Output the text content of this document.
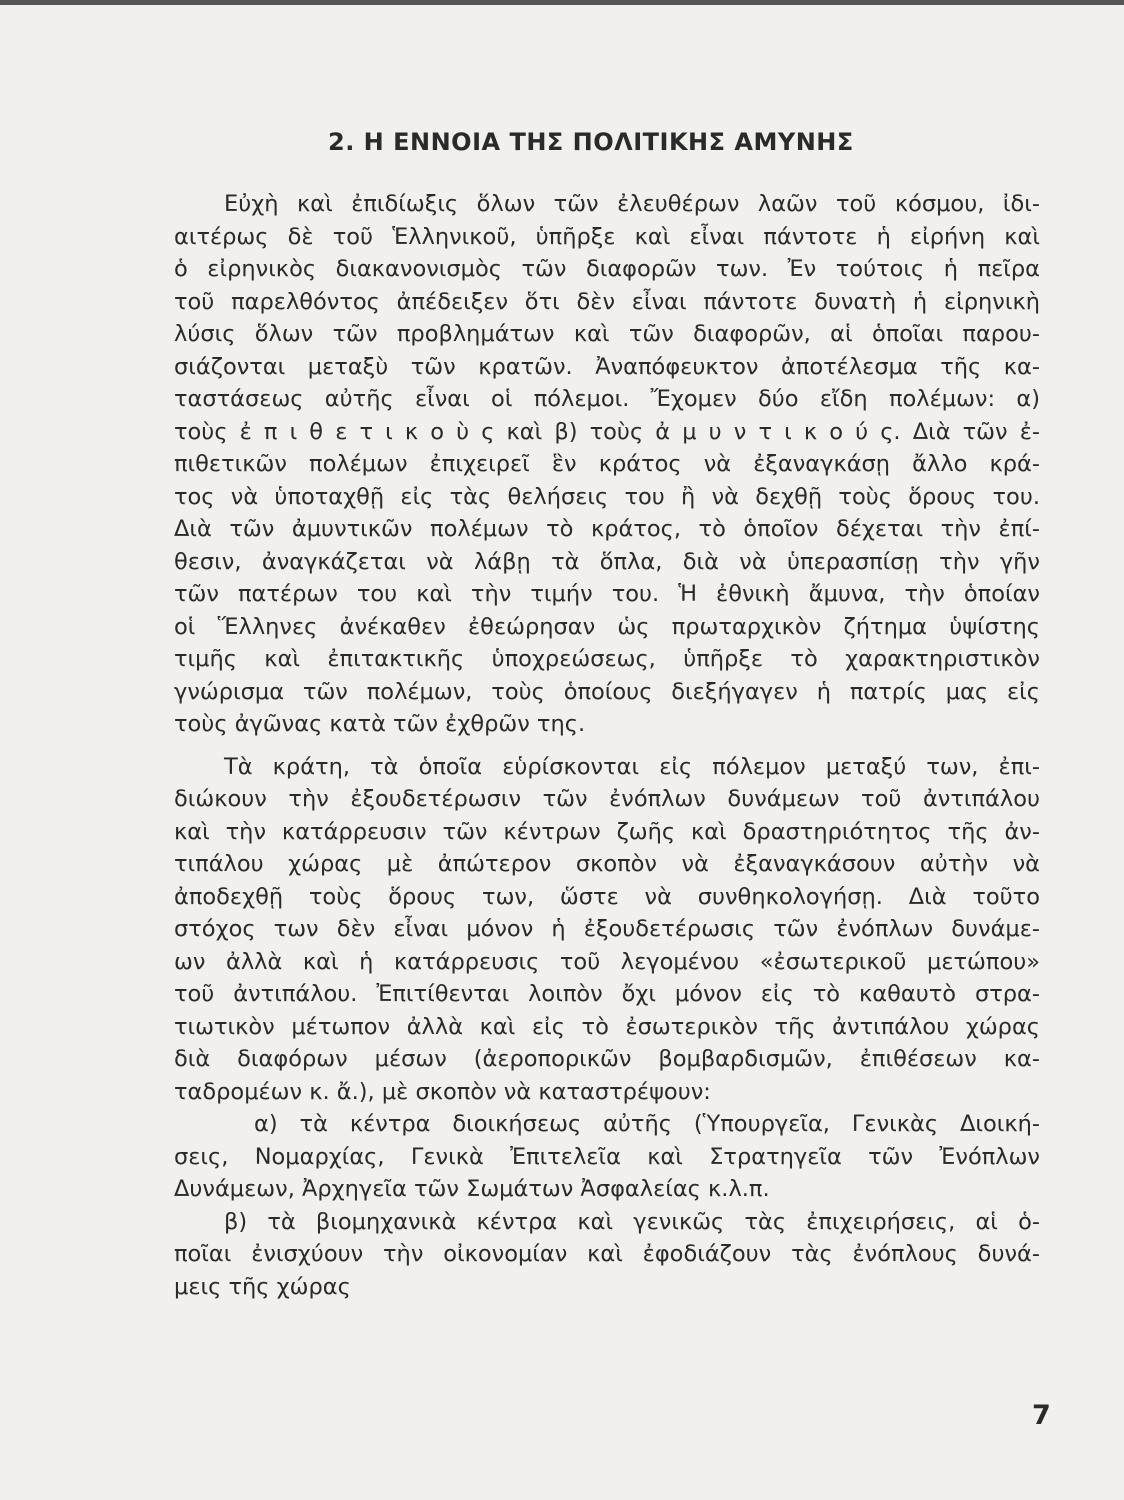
2. Η ΕΝΝΟΙΑ ΤΗΣ ΠΟΛΙΤΙΚΗΣ ΑΜΥΝΗΣ
Εὐχὴ καὶ ἐπιδίωξις ὅλων τῶν ἐλευθέρων λαῶν τοῦ κόσμου, ἰδι-
αιτέρως δὲ τοῦ Ἑλληνικοῦ, ὑπῆρξε καὶ εἶναι πάντοτε ἡ εἰρήνη καὶ
ὁ εἰρηνικὸς διακανονισμὸς τῶν διαφορῶν των. Ἐν τούτοις ἡ πεῖρα
τοῦ παρελθόντος ἀπέδειξεν ὅτι δὲν εἶναι πάντοτε δυνατὴ ἡ εἰρηνικὴ
λύσις ὅλων τῶν προβλημάτων καὶ τῶν διαφορῶν, αἱ ὁποῖαι παρου-
σιάζονται μεταξὺ τῶν κρατῶν. Ἀναπόφευκτον ἀποτέλεσμα τῆς κα-
ταστάσεως αὐτῆς εἶναι οἱ πόλεμοι. Ἔχομεν δύο εἴδη πολέμων: α)
τοὺς ἐ π ι θ ε τ ι κ ο ὺ ς καὶ β) τοὺς ἀ μ υ ν τ ι κ ο ύ ς. Διὰ τῶν ἐ-
πιθετικῶν πολέμων ἐπιχειρεῖ ἓν κράτος νὰ ἐξαναγκάσῃ ἄλλο κρά-
τος νὰ ὑποταχθῇ εἰς τὰς θελήσεις του ἢ νὰ δεχθῇ τοὺς ὅρους του.
Διὰ τῶν ἀμυντικῶν πολέμων τὸ κράτος, τὸ ὁποῖον δέχεται τὴν ἐπί-
θεσιν, ἀναγκάζεται νὰ λάβῃ τὰ ὅπλα, διὰ νὰ ὑπερασπίσῃ τὴν γῆν
τῶν πατέρων του καὶ τὴν τιμήν του. Ἡ ἐθνικὴ ἄμυνα, τὴν ὁποίαν
οἱ Ἕλληνες ἀνέκαθεν ἐθεώρησαν ὡς πρωταρχικὸν ζήτημα ὑψίστης
τιμῆς καὶ ἐπιτακτικῆς ὑποχρεώσεως, ὑπῆρξε τὸ χαρακτηριστικὸν
γνώρισμα τῶν πολέμων, τοὺς ὁποίους διεξήγαγεν ἡ πατρίς μας εἰς
τοὺς ἀγῶνας κατὰ τῶν ἐχθρῶν της.
Τὰ κράτη, τὰ ὁποῖα εὑρίσκονται εἰς πόλεμον μεταξύ των, ἐπι-
διώκουν τὴν ἐξουδετέρωσιν τῶν ἐνόπλων δυνάμεων τοῦ ἀντιπάλου
καὶ τὴν κατάρρευσιν τῶν κέντρων ζωῆς καὶ δραστηριότητος τῆς ἀν-
τιπάλου χώρας μὲ ἀπώτερον σκοπὸν νὰ ἐξαναγκάσουν αὐτὴν νὰ
ἀποδεχθῇ τοὺς ὅρους των, ὥστε νὰ συνθηκολογήσῃ. Διὰ τοῦτο
στόχος των δὲν εἶναι μόνον ἡ ἐξουδετέρωσις τῶν ἐνόπλων δυνάμε-
ων ἀλλὰ καὶ ἡ κατάρρευσις τοῦ λεγομένου «ἐσωτερικοῦ μετώπου»
τοῦ ἀντιπάλου. Ἐπιτίθενται λοιπὸν ὄχι μόνον εἰς τὸ καθαυτὸ στρα-
τιωτικὸν μέτωπον ἀλλὰ καὶ εἰς τὸ ἐσωτερικὸν τῆς ἀντιπάλου χώρας
διὰ διαφόρων μέσων (ἀεροπορικῶν βομβαρδισμῶν, ἐπιθέσεων κα-
ταδρομέων κ. ἄ.), μὲ σκοπὸν νὰ καταστρέψουν:
α) τὰ κέντρα διοικήσεως αὐτῆς (Ὑπουργεῖα, Γενικὰς Διοική-
σεις, Νομαρχίας, Γενικὰ Ἐπιτελεῖα καὶ Στρατηγεῖα τῶν Ἐνόπλων
Δυνάμεων, Ἀρχηγεῖα τῶν Σωμάτων Ἀσφαλείας κ.λ.π.
β) τὰ βιομηχανικὰ κέντρα καὶ γενικῶς τὰς ἐπιχειρήσεις, αἱ ὁ-
ποῖαι ἐνισχύουν τὴν οἰκονομίαν καὶ ἐφοδιάζουν τὰς ἐνόπλους δυνά-
μεις τῆς χώρας
7
